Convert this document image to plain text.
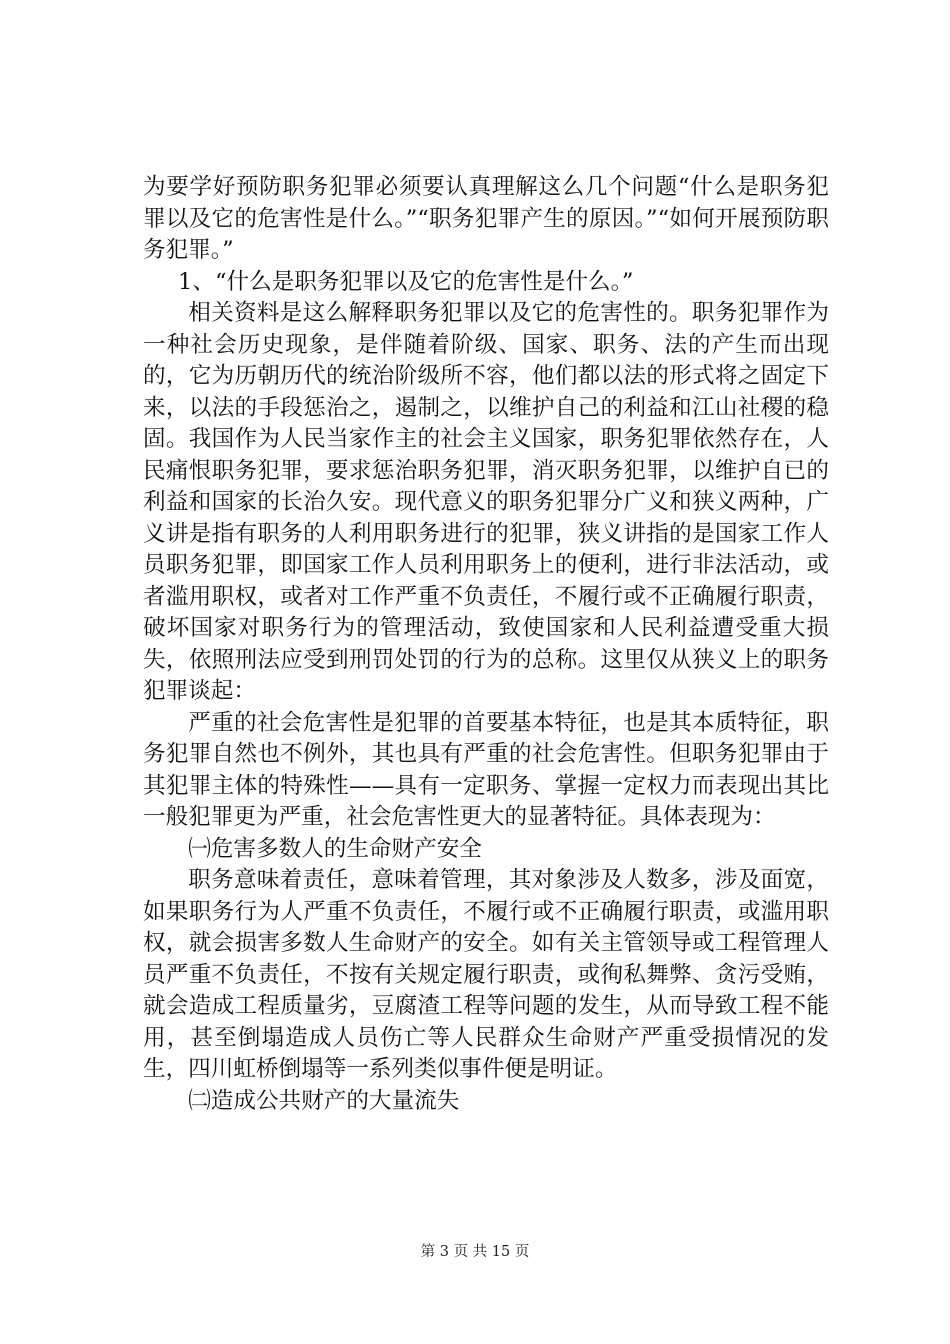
为要学好预防职务犯罪必须要认真理解这么几个问题“什么是职务犯罪以及它的危害性是什么。”“职务犯罪产生的原因。”“如何开展预防职务犯罪。”

1、“什么是职务犯罪以及它的危害性是什么。”

相关资料是这么解释职务犯罪以及它的危害性的。职务犯罪作为一种社会历史现象，是伴随着阶级、国家、职务、法的产生而出现的，它为历朝历代的统治阶级所不容，他们都以法的形式将之固定下来，以法的手段惩治之，遏制之，以维护自己的利益和江山社稷的稳固。我国作为人民当家作主的社会主义国家，职务犯罪依然存在，人民痛恨职务犯罪，要求惩治职务犯罪，消灭职务犯罪，以维护自已的利益和国家的长治久安。现代意义的职务犯罪分广义和狭义两种，广义讲是指有职务的人利用职务进行的犯罪，狭义讲指的是国家工作人员职务犯罪，即国家工作人员利用职务上的便利，进行非法活动，或者滥用职权，或者对工作严重不负责任，不履行或不正确履行职责，破坏国家对职务行为的管理活动，致使国家和人民利益遭受重大损失，依照刑法应受到刑罚处罚的行为的总称。这里仅从狭义上的职务犯罪谈起：

严重的社会危害性是犯罪的首要基本特征，也是其本质特征，职务犯罪自然也不例外，其也具有严重的社会危害性。但职务犯罪由于其犯罪主体的特殊性——具有一定职务、掌握一定权力而表现出其比一般犯罪更为严重，社会危害性更大的显著特征。具体表现为：

㈠危害多数人的生命财产安全

职务意味着责任，意味着管理，其对象涉及人数多，涉及面宽，如果职务行为人严重不负责任，不履行或不正确履行职责，或滥用职权，就会损害多数人生命财产的安全。如有关主管领导或工程管理人员严重不负责任，不按有关规定履行职责，或徇私舞弊、贪污受贿，就会造成工程质量劣，豆腐渣工程等问题的发生，从而导致工程不能用，甚至倒塌造成人员伤亡等人民群众生命财产严重受损情况的发生，四川虹桥倒塌等一系列类似事件便是明证。

㈡造成公共财产的大量流失

第 3 页 共 15 页
